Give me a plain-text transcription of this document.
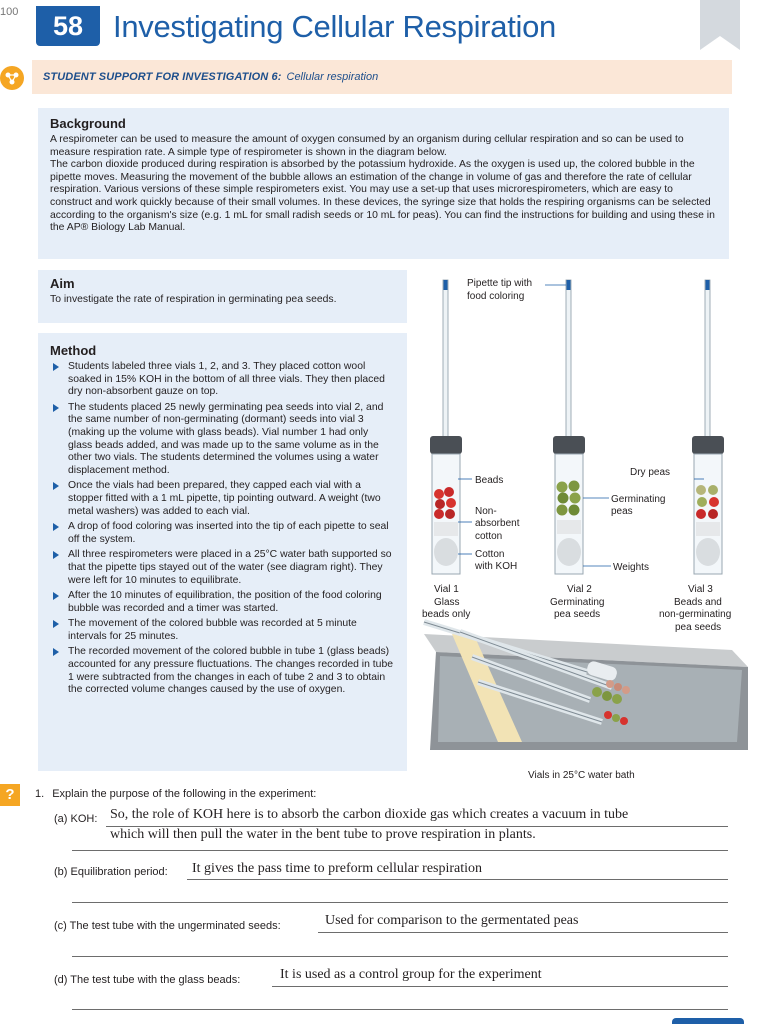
100	58 Investigating Cellular Respiration
STUDENT SUPPORT FOR INVESTIGATION 6: Cellular respiration
Background

A respirometer can be used to measure the amount of oxygen consumed by an organism during cellular respiration and so can be used to measure respiration rate. A simple type of respirometer is shown in the diagram below.

The carbon dioxide produced during respiration is absorbed by the potassium hydroxide. As the oxygen is used up, the colored bubble in the pipette moves. Measuring the movement of the bubble allows an estimation of the change in volume of gas and therefore the rate of cellular respiration. Various versions of these simple respirometers exist. You may use a set-up that uses microrespirometers, which are easy to construct and work quickly because of their small volumes. In these devices, the syringe size that holds the respiring organisms can be selected according to the organism's size (e.g. 1 mL for small radish seeds or 10 mL for peas). You can find the instructions for building and using these in the AP® Biology Lab Manual.

Aim

To investigate the rate of respiration in germinating pea seeds.

Method
Students labeled three vials 1, 2, and 3. They placed cotton wool soaked in 15% KOH in the bottom of all three vials. They then placed dry non-absorbent gauze on top.
The students placed 25 newly germinating pea seeds into vial 2, and the same number of non-germinating (dormant) seeds into vial 3 (making up the volume with glass beads). Vial number 1 had only glass beads added, and was made up to the same volume as in the other two vials. The students determined the volumes using a water displacement method.
Once the vials had been prepared, they capped each vial with a stopper fitted with a 1 mL pipette, tip pointing outward. A weight (two metal washers) was added to each vial.
A drop of food coloring was inserted into the tip of each pipette to seal off the system.
All three respirometers were placed in a 25°C water bath supported so that the pipette tips stayed out of the water (see diagram right). They were left for 10 minutes to equilibrate.
After the 10 minutes of equilibration, the position of the food coloring bubble was recorded and a timer was started.
The movement of the colored bubble was recorded at 5 minute intervals for 25 minutes.
The recorded movement of the colored bubble in tube 1 (glass beads) accounted for any pressure fluctuations. The changes recorded in tube 1 were subtracted from the changes in each of tube 2 and 3 to obtain the corrected volume changes caused by the use of oxygen.
Pipette tip with
food coloring
Beads
Non-
absorbent
cotton
Cotton
with KOH
Dry peas
Germinating
peas
Weights
Vial 1
Glass
beads only
Vial 2
Germinating
pea seeds
Vial 3
Beads and
non-germinating
pea seeds
Vials in 25°C water bath
?	1. Explain the purpose of the following in the experiment:
(a) KOH: So, the role of KOH here is to absorb the carbon dioxide gas which creates a vacuum in tube
which will then pull the water in the bent tube to prove respiration in plants.
(b) Equilibration period: It gives the pass time to preform cellular respiration
(c) The test tube with the ungerminated seeds:	Used for comparison to the germentated peas
(d) The test tube with the glass beads:	It is used as a control group for the experiment
